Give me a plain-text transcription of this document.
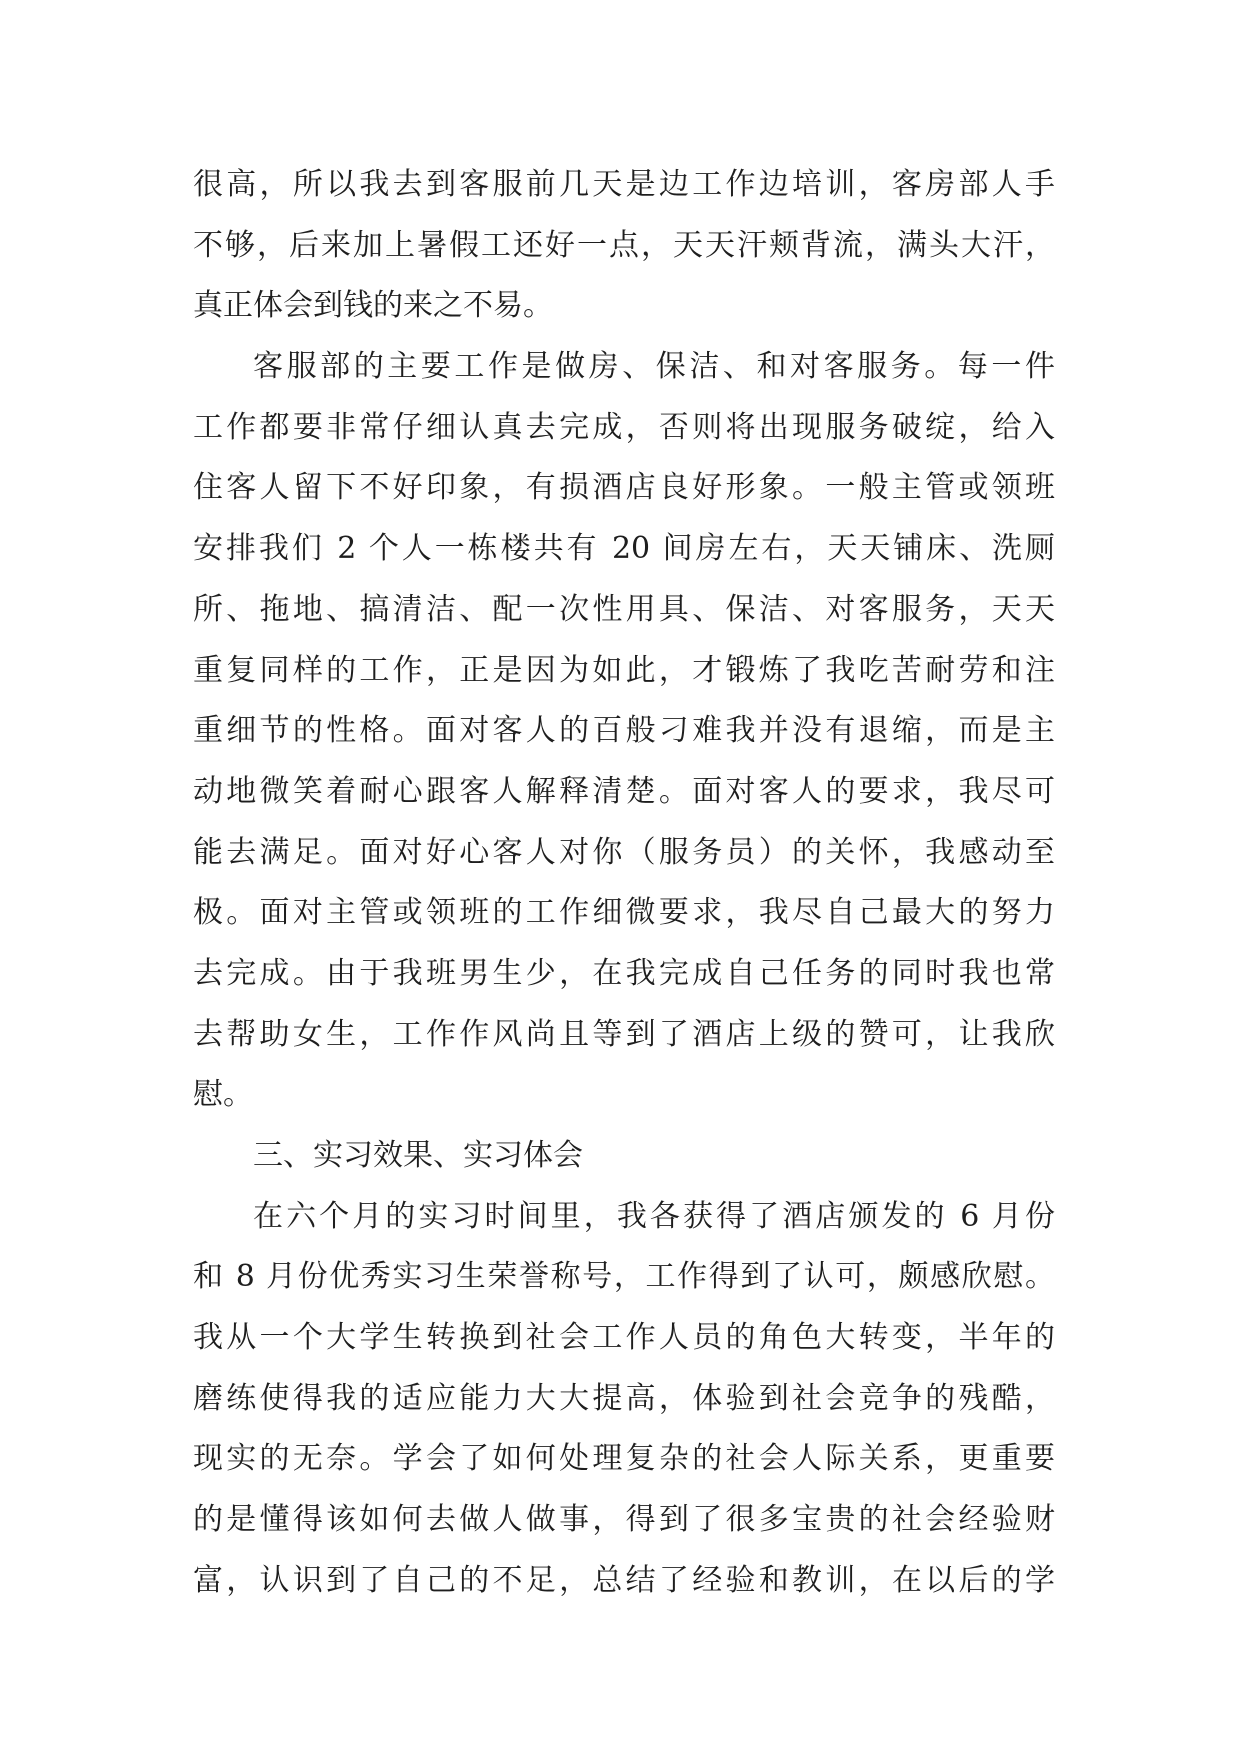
很高，所以我去到客服前几天是边工作边培训，客房部人手
不够，后来加上暑假工还好一点，天天汗颊背流，满头大汗，
真正体会到钱的来之不易。
客服部的主要工作是做房、保洁、和对客服务。每一件
工作都要非常仔细认真去完成，否则将出现服务破绽，给入
住客人留下不好印象，有损酒店良好形象。一般主管或领班
安排我们 2 个人一栋楼共有 20 间房左右，天天铺床、洗厕
所、拖地、搞清洁、配一次性用具、保洁、对客服务，天天
重复同样的工作，正是因为如此，才锻炼了我吃苦耐劳和注
重细节的性格。面对客人的百般刁难我并没有退缩，而是主
动地微笑着耐心跟客人解释清楚。面对客人的要求，我尽可
能去满足。面对好心客人对你（服务员）的关怀，我感动至
极。面对主管或领班的工作细微要求，我尽自己最大的努力
去完成。由于我班男生少，在我完成自己任务的同时我也常
去帮助女生，工作作风尚且等到了酒店上级的赞可，让我欣
慰。
三、实习效果、实习体会
在六个月的实习时间里，我各获得了酒店颁发的 6 月份
和 8 月份优秀实习生荣誉称号，工作得到了认可，颇感欣慰。
我从一个大学生转换到社会工作人员的角色大转变，半年的
磨练使得我的适应能力大大提高，体验到社会竞争的残酷，
现实的无奈。学会了如何处理复杂的社会人际关系，更重要
的是懂得该如何去做人做事，得到了很多宝贵的社会经验财
富，认识到了自己的不足，总结了经验和教训，在以后的学
